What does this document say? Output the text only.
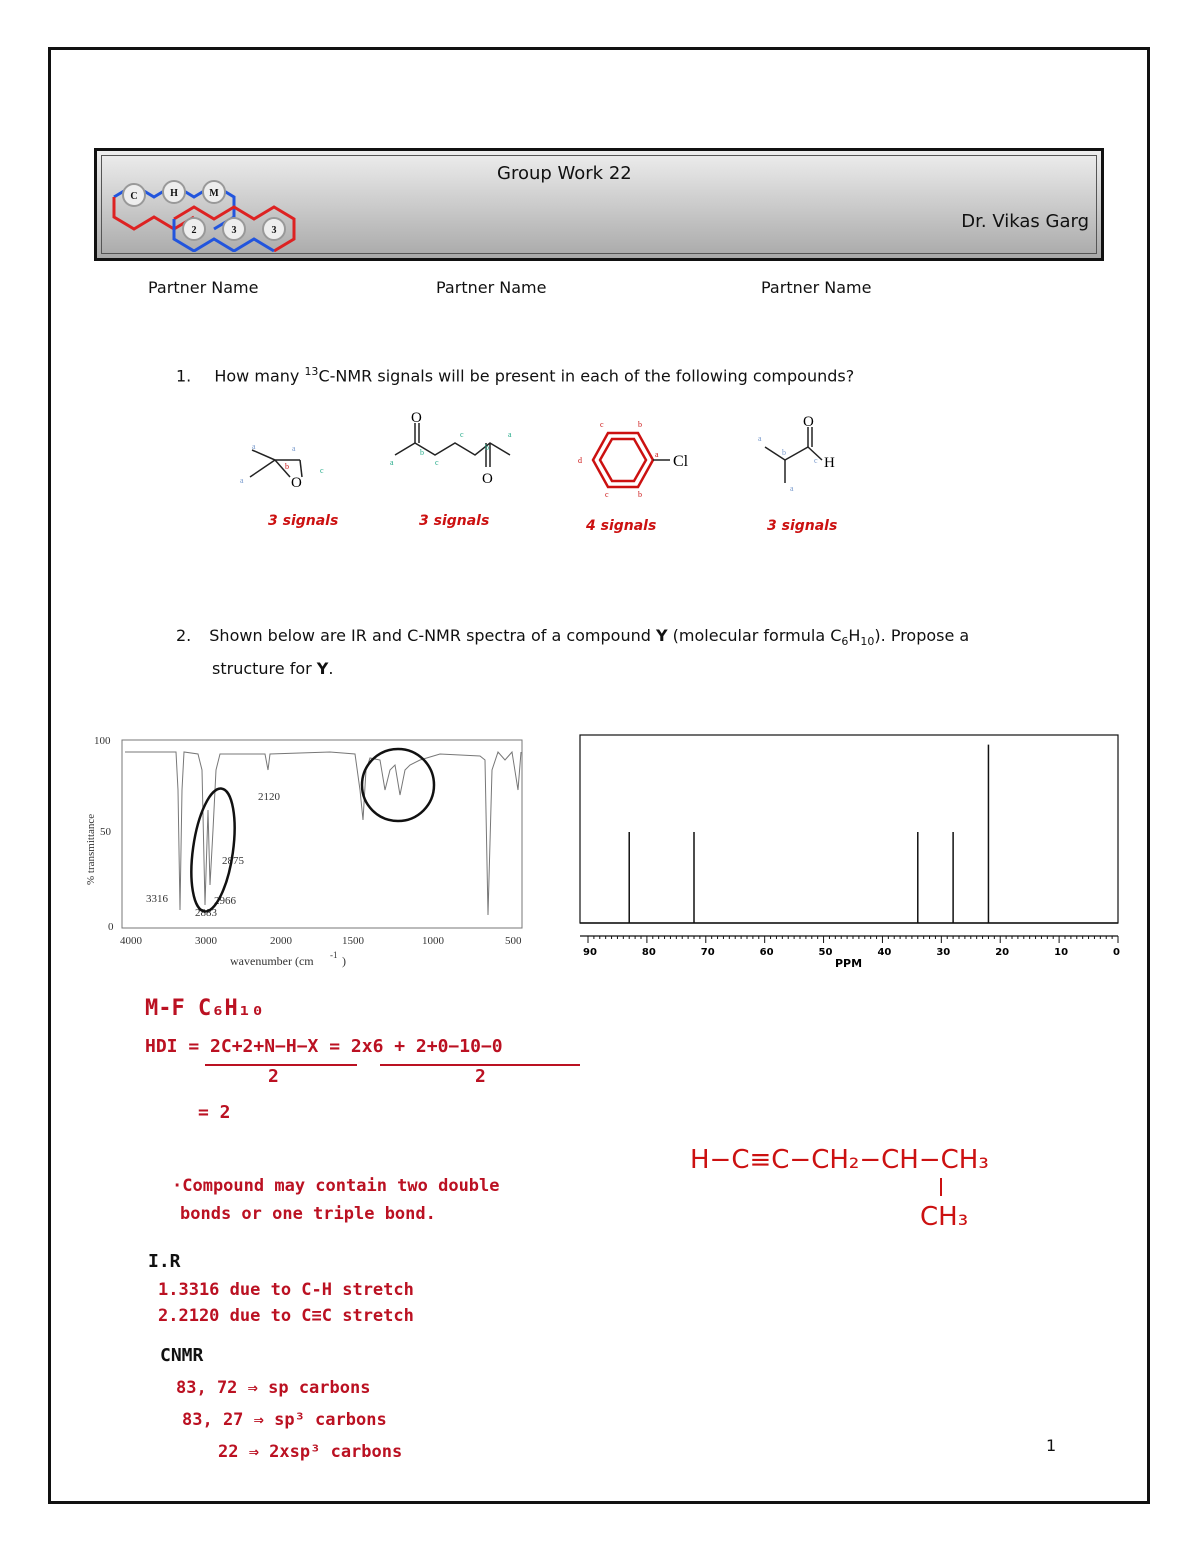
C	H	M
2	3	3
Group Work 22
Dr. Vikas Garg
Partner Name	Partner Name	Partner Name
1. How many $^{13}$C-NMR signals will be present in each of the following compounds?
O
O
O
Cl
O
H
a	a
a
c
b	a
b
c
c
b
a
c	b
d
a
c	b
a
b
c
a
3 signals	3 signals	4 signals	3 signals
2. Shown below are IR and C-NMR spectra of a compound Y (molecular formula $C_6H_{10}$). Propose a
structure for Y.
100
50
0
% transmittance
4000	3000	2000	1500	1000	500
wavenumber (cm -1 )
3316
2120
2875
2966
2883
90	80	70	60	50	40	30	20	10	0
PPM
M-F C₆H₁₀
HDI = 2C+2+N−H−X = 2x6 + 2+0−10−0
2	2
= 2
·Compound may contain two double
bonds or one triple bond.
I.R
1.3316 due to C-H stretch
2.2120 due to C≡C stretch
CNMR
83, 72 ⇒ sp carbons
83, 27 ⇒ sp³ carbons
22 ⇒ 2xsp³ carbons
H−C≡C−CH₂−CH−CH₃
CH₃
1
